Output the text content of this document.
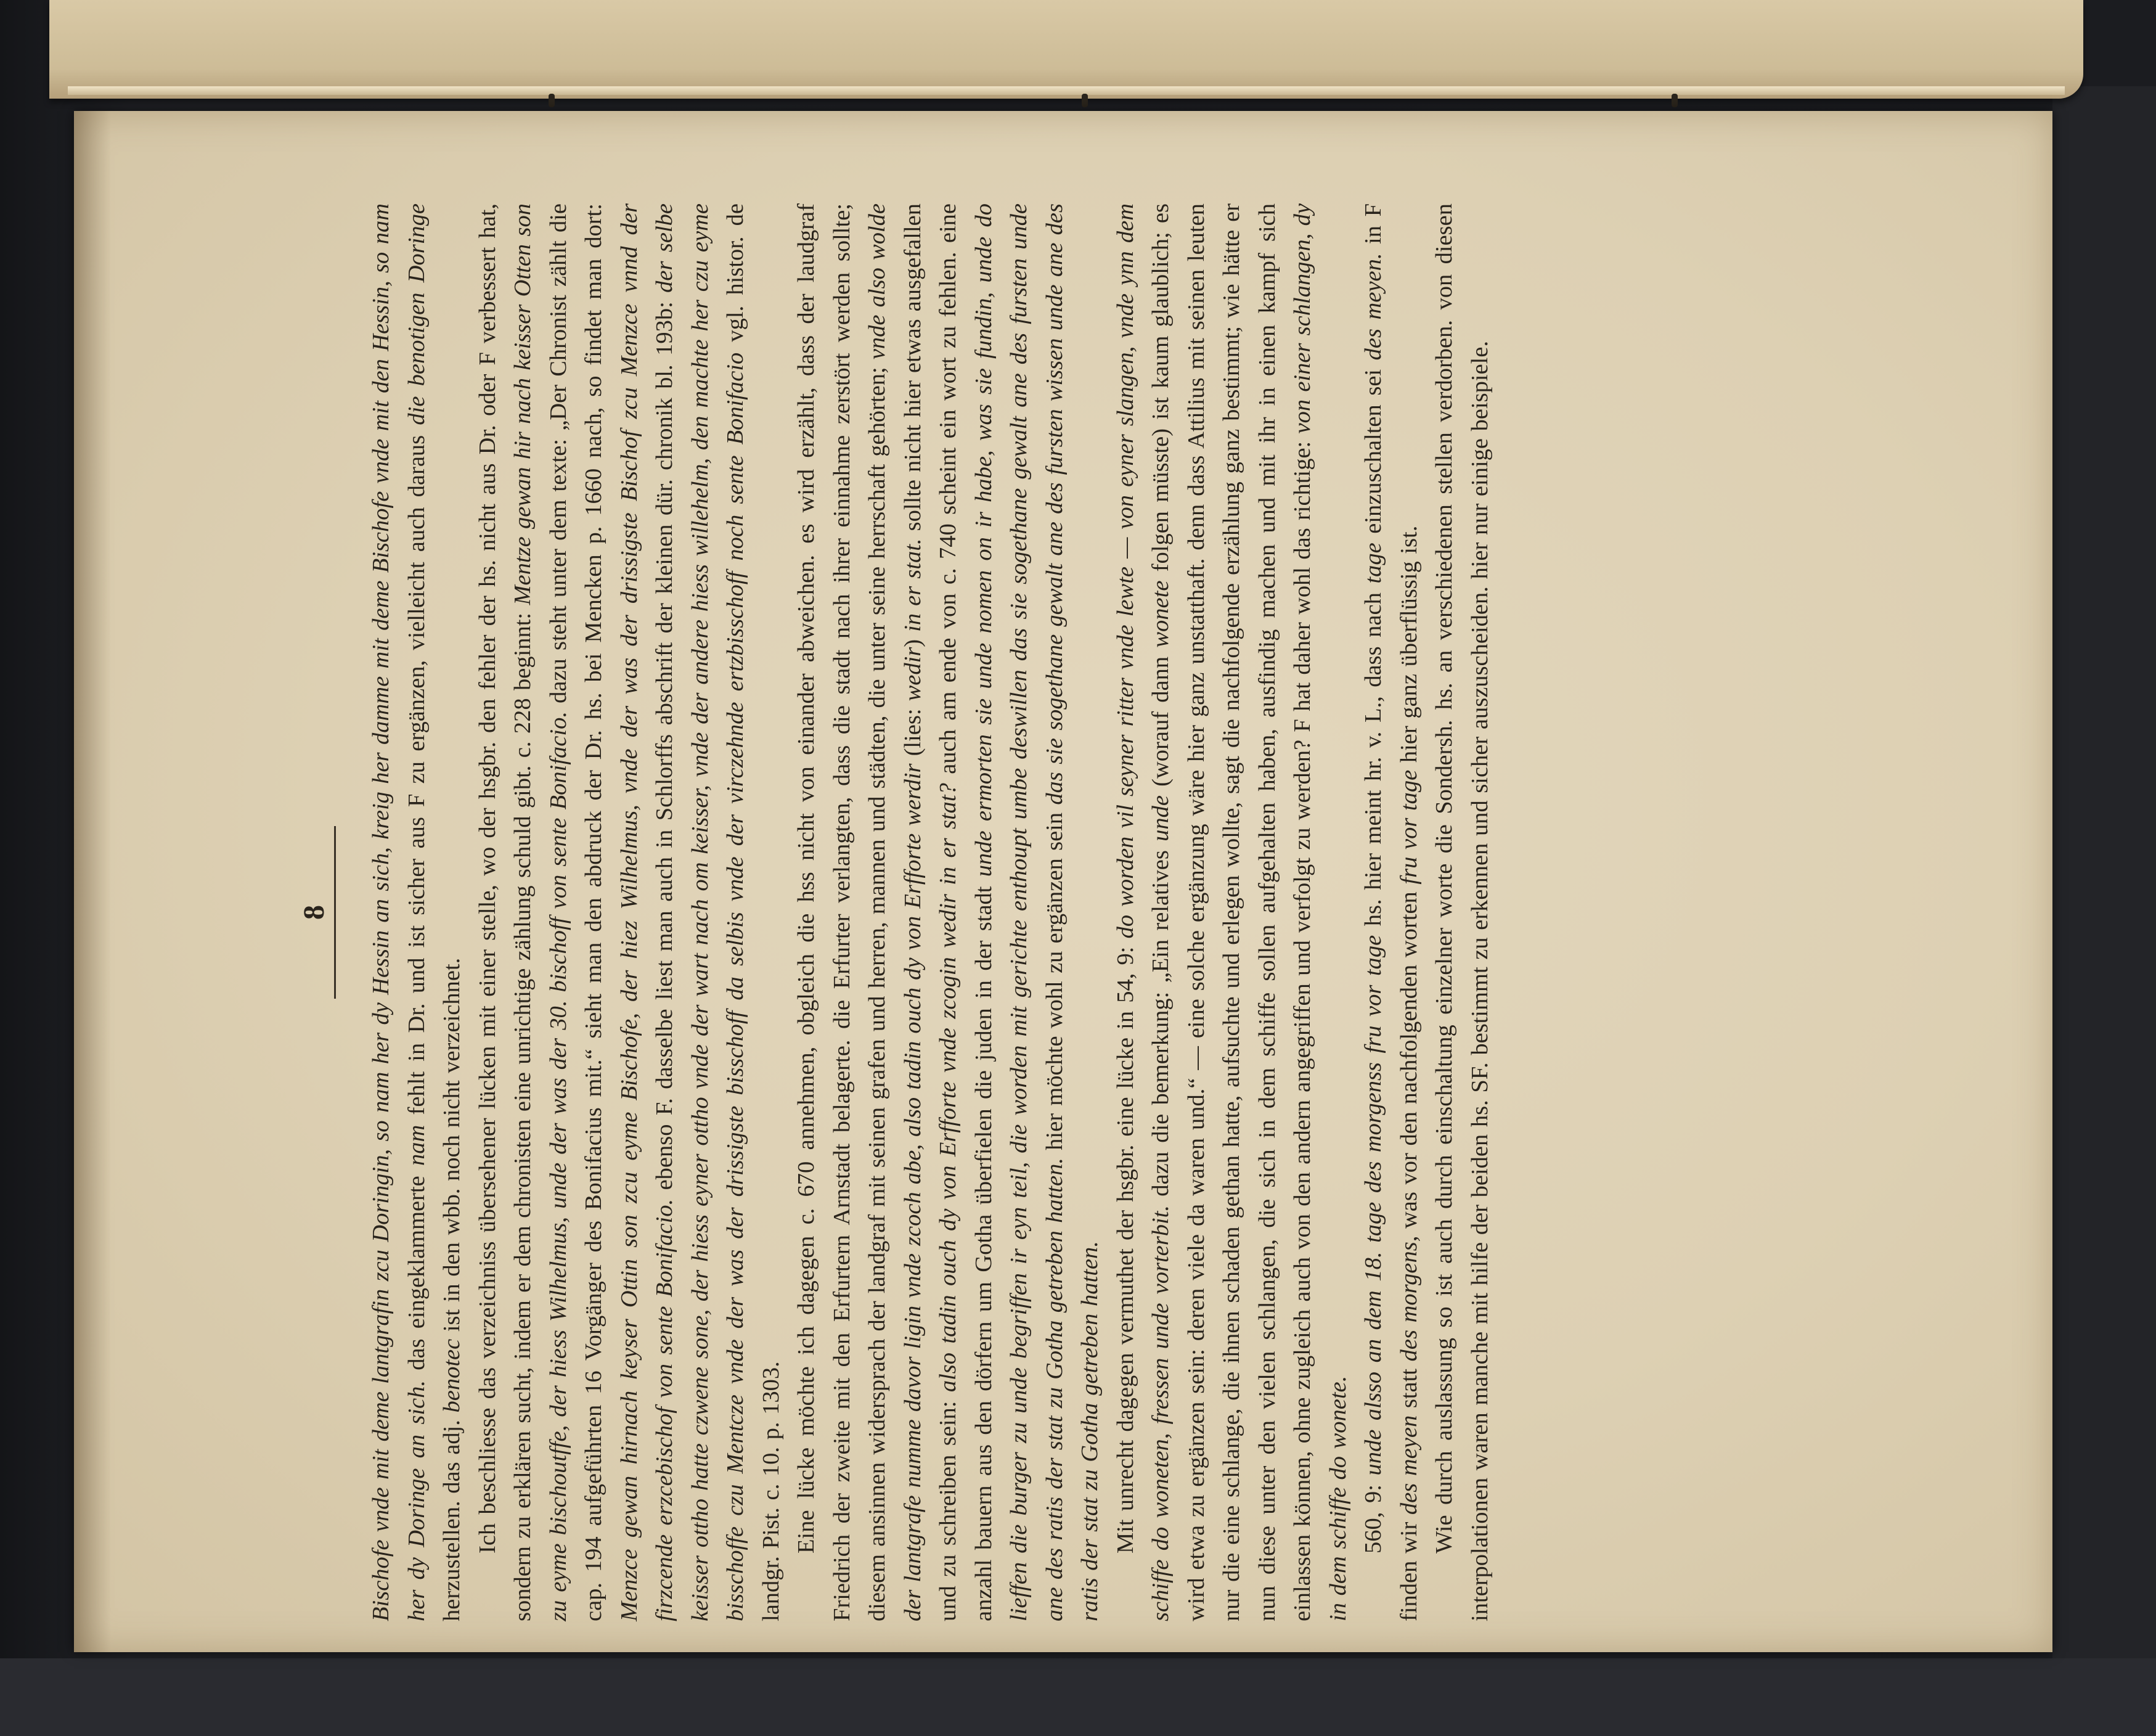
8 Bischofe vnde mit deme lantgrafin zcu Doringin, so nam her dy Hessin an sich, kreig her damme mit deme Bischofe vnde mit den Hessin, so nam her dy Doringe an sich. das eingeklammerte nam fehlt in Dr. und ist sicher aus F zu ergänzen, vielleicht auch daraus die benotigen Doringe herzustellen. das adj. benotec ist in den wbb. noch nicht verzeichnet. Ich beschliesse das verzeichniss übersehener lücken mit einer stelle, wo der hsgbr. den fehler der hs. nicht aus Dr. oder F verbessert hat, sondern zu erklären sucht, indem er dem chronisten eine unrichtige zählung schuld gibt. c. 228 beginnt: Mentze gewan hir nach keisser Otten son zu eyme bischoutffe, der hiess Wilhelmus, unde der was der 30. bischoff von sente Bonifacio. dazu steht unter dem texte: „Der Chronist zählt die cap. 194 aufgeführten 16 Vorgänger des Bonifacius mit.“ sieht man den abdruck der Dr. hs. bei Mencken p. 1660 nach, so findet man dort: Menzce gewan hirnach keyser Ottin son zcu eyme Bischofe, der hiez Wilhelmus, vnde der was der drissigste Bischof zcu Menzce vnnd der firzcende erzcebischof von sente Bonifacio. ebenso F. dasselbe liest man auch in Schlorffs abschrift der kleinen dür. chronik bl. 193b: der selbe keisser ottho hatte czwene sone, der hiess eyner ottho vnde der wart nach om keisser, vnde der andere hiess willehelm, den machte her czu eyme bisschoffe czu Mentcze vnde der was der drissigste bisschoff da selbis vnde der virczehnde ertzbisschoff noch sente Bonifacio vgl. histor. de landgr. Pist. c. 10. p. 1303. Eine lücke möchte ich dagegen c. 670 annehmen, obgleich die hss nicht von einander abweichen. es wird erzählt, dass der laudgraf Friedrich der zweite mit den Erfurtern Arnstadt belagerte. die Erfurter verlangten, dass die stadt nach ihrer einnahme zerstört werden sollte; diesem ansinnen widersprach der landgraf mit seinen grafen und herren, mannen und städten, die unter seine herrschaft gehörten; vnde also wolde der lantgrafe numme davor ligin vnde zcoch abe, also tadin ouch dy von Erfforte werdir (lies: wedir) in er stat. sollte nicht hier etwas ausgefallen und zu schreiben sein: also tadin ouch dy von Erfforte vnde zcogin wedir in er stat? auch am ende von c. 740 scheint ein wort zu fehlen. eine anzahl bauern aus den dörfern um Gotha überfielen die juden in der stadt unde ermorten sie unde nomen on ir habe, was sie fundin, unde do lieffen die burger zu unde begriffen ir eyn teil, die worden mit gerichte enthoupt umbe deswillen das sie sogethane gewalt ane des fursten unde ane des ratis der stat zu Gotha getreben hatten. hier möchte wohl zu ergänzen sein das sie sogethane gewalt ane des fursten wissen unde ane des ratis der stat zu Gotha getreben hatten. Mit unrecht dagegen vermuthet der hsgbr. eine lücke in 54, 9: do worden vil seyner ritter vnde lewte — von eyner slangen, vnde ynn dem schiffe do woneten, fressen unde vorterbit. dazu die bemerkung: „Ein relatives unde (worauf dann wonete folgen müsste) ist kaum glaublich; es wird etwa zu ergänzen sein: deren viele da waren und.“ — eine solche ergänzung wäre hier ganz unstatthaft. denn dass Attilius mit seinen leuten nur die eine schlange, die ihnen schaden gethan hatte, aufsuchte und erlegen wollte, sagt die nachfolgende erzählung ganz bestimmt; wie hätte er nun diese unter den vielen schlangen, die sich in dem schiffe sollen aufgehalten haben, ausfindig machen und mit ihr in einen kampf sich einlassen können, ohne zugleich auch von den andern angegriffen und verfolgt zu werden? F hat daher wohl das richtige: von einer schlangen, dy in dem schiffe do wonete. 560, 9: unde alsso an dem 18. tage des morgenss fru vor tage hs. hier meint hr. v. L., dass nach tage einzuschalten sei des meyen. in F finden wir des meyen statt des morgens, was vor den nachfolgenden worten fru vor tage hier ganz überflüssig ist. Wie durch auslassung so ist auch durch einschaltung einzelner worte die Sondersh. hs. an verschiedenen stellen verdorben. von diesen interpolationen waren manche mit hilfe der beiden hs. SF. bestimmt zu erkennen und sicher auszuscheiden. hier nur einige beispiele.
